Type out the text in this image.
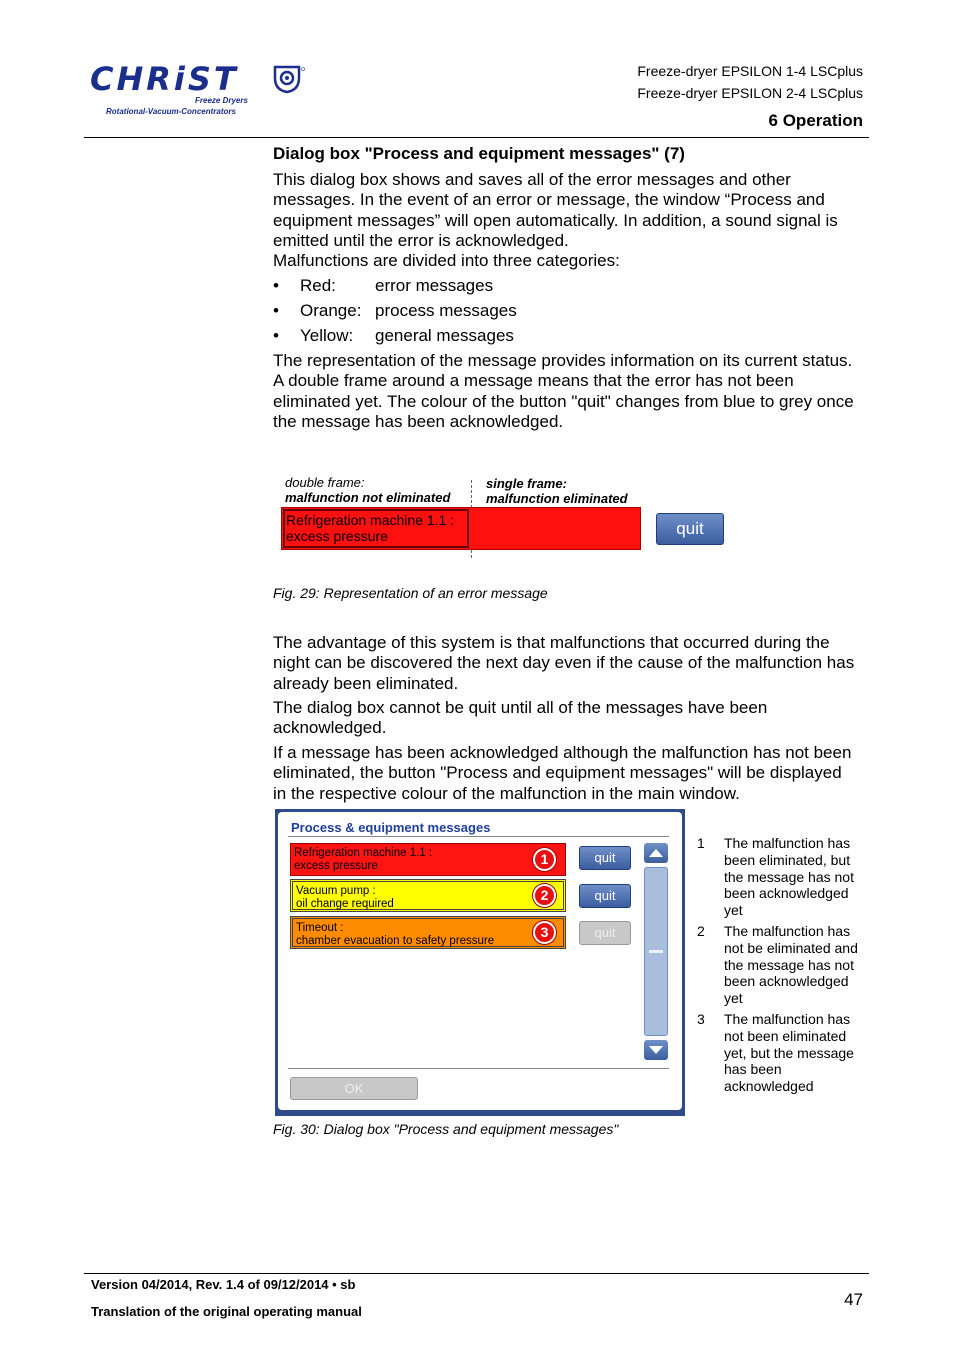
CHRiST
Freeze Dryers
Rotational-Vacuum-Concentrators
Freeze-dryer EPSILON 1-4 LSCplus
Freeze-dryer EPSILON 2-4 LSCplus
6 Operation
Dialog box "Process and equipment messages" (7)
This dialog box shows and saves all of the error messages and other messages. In the event of an error or message, the window “Process and equipment messages” will open automatically. In addition, a sound signal is emitted until the error is acknowledged.
Malfunctions are divided into three categories:
• Red: error messages
• Orange: process messages
• Yellow: general messages
The representation of the message provides information on its current status. A double frame around a message means that the error has not been eliminated yet. The colour of the button "quit" changes from blue to grey once the message has been acknowledged.
double frame:
malfunction not eliminated
single frame:
malfunction eliminated
Refrigeration machine 1.1 :
excess pressure	quit
Fig. 29: Representation of an error message
The advantage of this system is that malfunctions that occurred during the night can be discovered the next day even if the cause of the malfunction has already been eliminated.
The dialog box cannot be quit until all of the messages have been acknowledged.
If a message has been acknowledged although the malfunction has not been eliminated, the button "Process and equipment messages" will be displayed in the respective colour of the malfunction in the main window.
Process & equipment messages
Refrigeration machine 1.1 :
excess pressure	1	quit
Vacuum pump :
oil change required
2	quit
Timeout :
chamber evacuation to safety pressure
3	quit
OK
1 The malfunction has been eliminated, but the message has not been acknowledged yet
2 The malfunction has not be eliminated and the message has not been acknowledged yet
3 The malfunction has not been eliminated yet, but the message has been acknowledged
Fig. 30: Dialog box "Process and equipment messages"
Version 04/2014, Rev. 1.4 of 09/12/2014 • sb
Translation of the original operating manual
47
